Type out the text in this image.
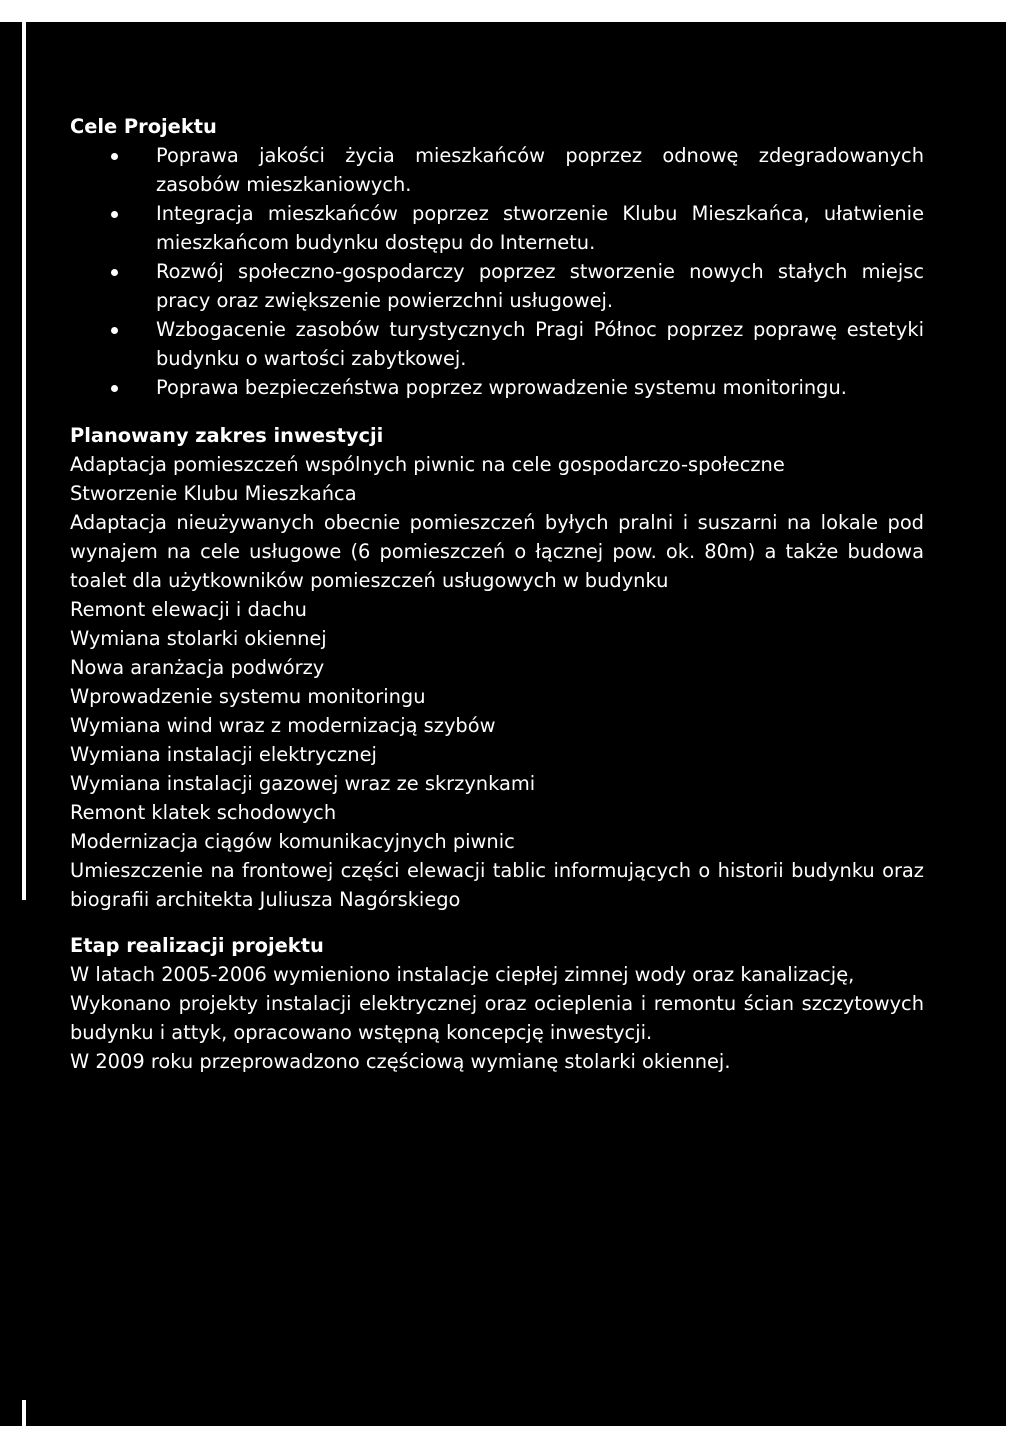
Cele Projektu
Poprawa jakości życia mieszkańców poprzez odnowę zdegradowanych zasobów mieszkaniowych.
Integracja mieszkańców poprzez stworzenie Klubu Mieszkańca, ułatwienie mieszkańcom budynku dostępu do Internetu.
Rozwój społeczno-gospodarczy poprzez stworzenie nowych stałych miejsc pracy oraz zwiększenie powierzchni usługowej.
Wzbogacenie zasobów turystycznych Pragi Północ poprzez poprawę estetyki budynku o wartości zabytkowej.
Poprawa bezpieczeństwa poprzez wprowadzenie systemu monitoringu.
Planowany zakres inwestycji

Adaptacja pomieszczeń wspólnych piwnic na cele gospodarczo-społeczne

Stworzenie Klubu Mieszkańca

Adaptacja nieużywanych obecnie pomieszczeń byłych pralni i suszarni na lokale pod wynajem na cele usługowe (6 pomieszczeń o łącznej pow. ok. 80m) a także budowa toalet dla użytkowników pomieszczeń usługowych w budynku

Remont elewacji i dachu

Wymiana stolarki okiennej

Nowa aranżacja podwórzy

Wprowadzenie systemu monitoringu

Wymiana wind wraz z modernizacją szybów

Wymiana instalacji elektrycznej

Wymiana instalacji gazowej wraz ze skrzynkami

Remont klatek schodowych

Modernizacja ciągów komunikacyjnych piwnic

Umieszczenie na frontowej części elewacji tablic informujących o historii budynku oraz biografii architekta Juliusza Nagórskiego

Etap realizacji projektu

W latach 2005-2006 wymieniono instalacje ciepłej zimnej wody oraz kanalizację,

Wykonano projekty instalacji elektrycznej oraz ocieplenia i remontu ścian szczytowych budynku i attyk, opracowano wstępną koncepcję inwestycji.

W 2009 roku przeprowadzono częściową wymianę stolarki okiennej.
